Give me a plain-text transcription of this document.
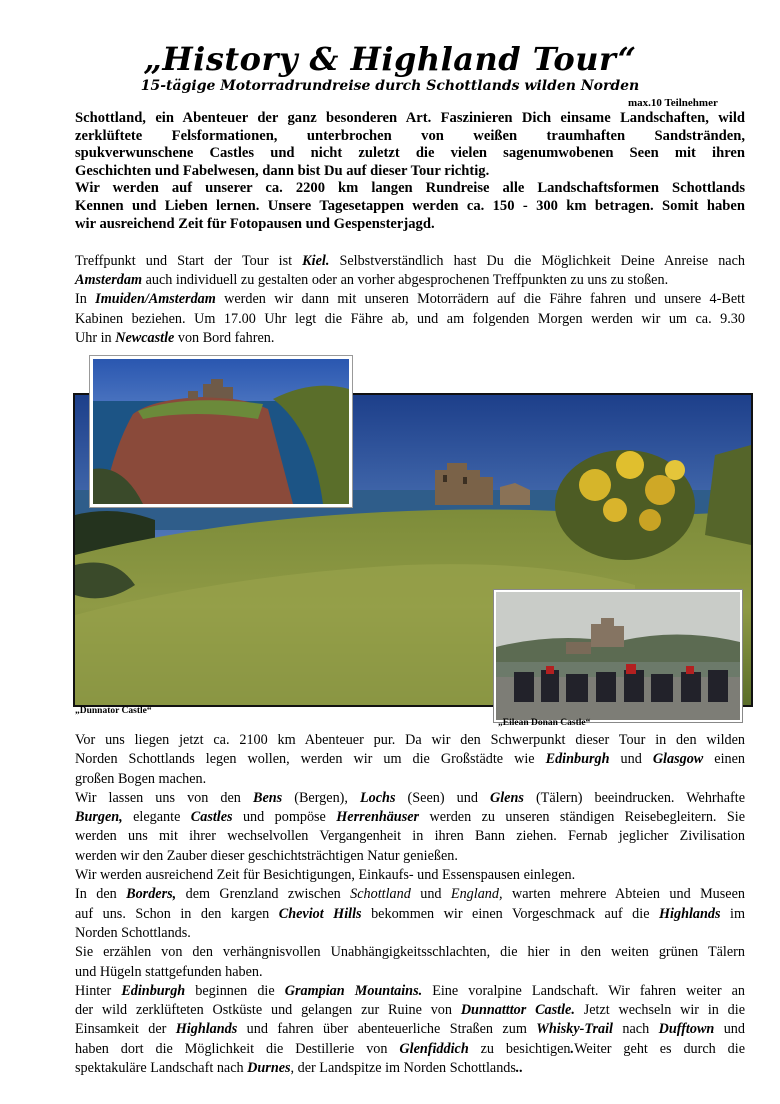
„History & Highland Tour“
15-tägige Motorradrundreise durch Schottlands wilden Norden
max.10 Teilnehmer
Schottland, ein Abenteuer der ganz besonderen Art. Faszinieren Dich einsame Landschaften, wild
zerklüftete Felsformationen, unterbrochen von weißen traumhaften Sandstränden,
spukverwunschene Castles und nicht zuletzt die vielen sagenumwobenen Seen mit ihren
Geschichten und Fabelwesen, dann bist Du auf dieser Tour richtig.
Wir werden auf unserer ca. 2200 km langen Rundreise alle Landschaftsformen Schottlands
Kennen und Lieben lernen. Unsere Tagesetappen werden ca. 150 - 300 km betragen. Somit haben
wir ausreichend Zeit für Fotopausen und Gespensterjagd.
Treffpunkt und Start der Tour ist Kiel. Selbstverständlich hast Du die Möglichkeit Deine Anreise nach
Amsterdam auch individuell zu gestalten oder an vorher abgesprochenen Treffpunkten zu uns zu stoßen.
In Imuiden/Amsterdam werden wir dann mit unseren Motorrädern auf die Fähre fahren und unsere 4-Bett
Kabinen beziehen. Um 17.00 Uhr legt die Fähre ab, und am folgenden Morgen werden wir um ca. 9.30
Uhr in Newcastle von Bord fahren.
„Dunnator Castle“
„Eilean Donan Castle“
Vor uns liegen jetzt ca. 2100 km Abenteuer pur. Da wir den Schwerpunkt dieser Tour in den wilden
Norden Schottlands legen wollen, werden wir um die Großstädte wie Edinburgh und Glasgow einen
großen Bogen machen.
Wir lassen uns von den Bens (Bergen), Lochs (Seen) und Glens (Tälern) beeindrucken. Wehrhafte
Burgen, elegante Castles und pompöse Herrenhäuser werden zu unseren ständigen Reisebegleitern. Sie
werden uns mit ihrer wechselvollen Vergangenheit in ihren Bann ziehen. Fernab jeglicher Zivilisation
werden wir den Zauber dieser geschichtsträchtigen Natur genießen.
Wir werden ausreichend Zeit für Besichtigungen, Einkaufs- und Essenspausen einlegen.
In den Borders, dem Grenzland zwischen Schottland und England, warten mehrere Abteien und Museen
auf uns. Schon in den kargen Cheviot Hills bekommen wir einen Vorgeschmack auf die Highlands im
Norden Schottlands.
Sie erzählen von den verhängnisvollen Unabhängigkeitsschlachten, die hier in den weiten grünen Tälern
und Hügeln stattgefunden haben.
Hinter Edinburgh beginnen die Grampian Mountains. Eine voralpine Landschaft. Wir fahren weiter an
der wild zerklüfteten Ostküste und gelangen zur Ruine von Dunnatttor Castle. Jetzt wechseln wir in die
Einsamkeit der Highlands und fahren über abenteuerliche Straßen zum Whisky-Trail nach Dufftown und
haben dort die Möglichkeit die Destillerie von Glenfiddich zu besichtigen.Weiter geht es durch die
spektakuläre Landschaft nach Durnes, der Landspitze im Norden Schottlands..
